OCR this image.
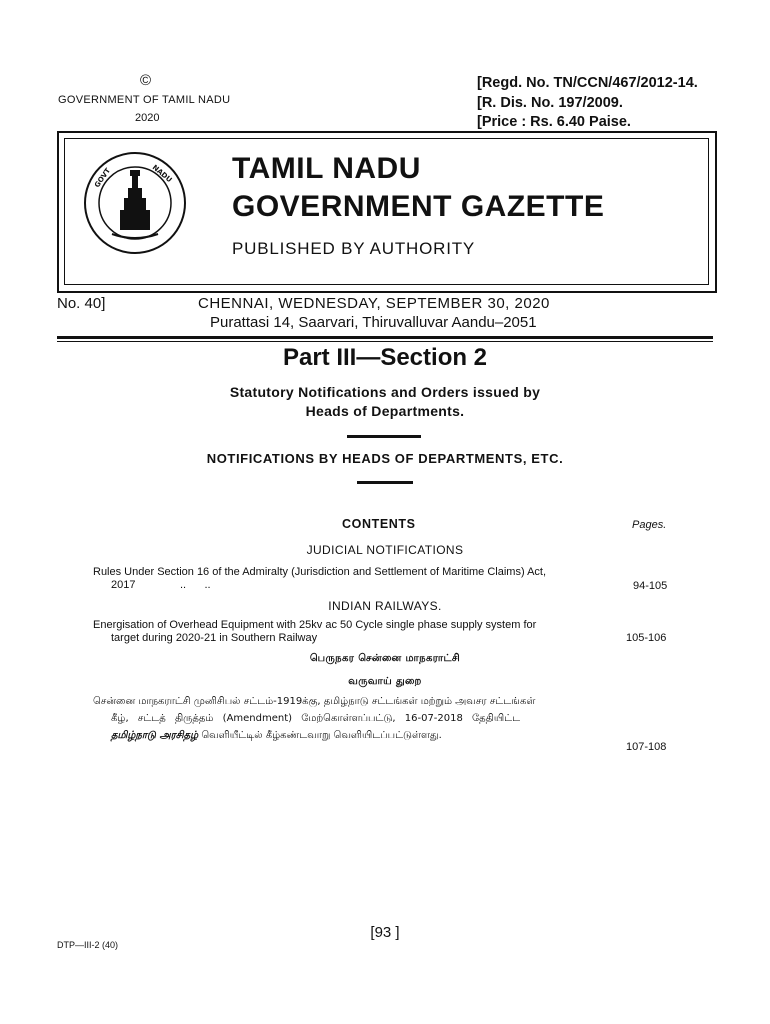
©
GOVERNMENT OF TAMIL NADU
2020
[Regd. No. TN/CCN/467/2012-14.
[R. Dis. No. 197/2009.
[Price : Rs. 6.40 Paise.
GOVT	NADU TAMIL NADU
GOVERNMENT GAZETTE
PUBLISHED BY AUTHORITY
No. 40]	CHENNAI, WEDNESDAY, SEPTEMBER 30, 2020
Purattasi 14, Saarvari, Thiruvalluvar Aandu–2051
Part III—Section 2
Statutory Notifications and Orders issued by
Heads of Departments.
NOTIFICATIONS BY HEADS OF DEPARTMENTS, ETC.
CONTENTS	Pages.
JUDICIAL NOTIFICATIONS
Rules Under Section 16 of the Admiralty (Jurisdiction and Settlement of Maritime Claims) Act,
2017	..      ..	94-105
INDIAN RAILWAYS.
Energisation of Overhead Equipment with 25kv ac 50 Cycle single phase supply system for
target during 2020-21 in Southern Railway	105-106
பெருநகர சென்னை மாநகராட்சி
வருவாய் துறை
சென்னை மாநகராட்சி முனிசிபல் சட்டம்-1919க்கு, தமிழ்நாடு சட்டங்கள் மற்றும் அவசர சட்டங்கள்
கீழ், சட்டத் திருத்தம் (Amendment) மேற்கொள்ளப்பட்டு, 16-07-2018 தேதியிட்ட
தமிழ்நாடு அரசிதழ் வெளியீட்டில் கீழ்கண்டவாறு வெளியிடப்பட்டுள்ளது.
107-108
[93 ]
DTP—III-2 (40)
